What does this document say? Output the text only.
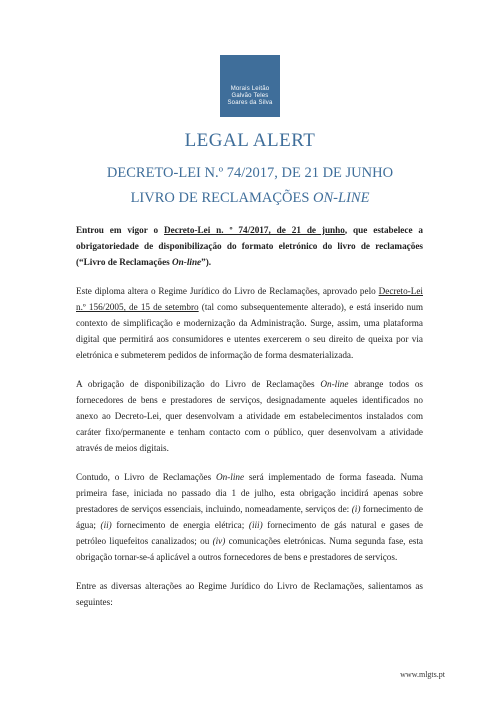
Morais Leitão
Galvão Teles
Soares da Silva
LEGAL ALERT
DECRETO-LEI N.º 74/2017, DE 21 DE JUNHO
LIVRO DE RECLAMAÇÕES ON-LINE

Entrou em vigor o Decreto-Lei n. º 74/2017, de 21 de junho, que estabelece a obrigatoriedade de disponibilização do formato eletrónico do livro de reclamações (“Livro de Reclamações On-line”).

Este diploma altera o Regime Jurídico do Livro de Reclamações, aprovado pelo Decreto-Lei n.º 156/2005, de 15 de setembro (tal como subsequentemente alterado), e está inserido num contexto de simplificação e modernização da Administração. Surge, assim, uma plataforma digital que permitirá aos consumidores e utentes exercerem o seu direito de queixa por via eletrónica e submeterem pedidos de informação de forma desmaterializada.

A obrigação de disponibilização do Livro de Reclamações On-line abrange todos os fornecedores de bens e prestadores de serviços, designadamente aqueles identificados no anexo ao Decreto-Lei, quer desenvolvam a atividade em estabelecimentos instalados com caráter fixo/permanente e tenham contacto com o público, quer desenvolvam a atividade através de meios digitais.

Contudo, o Livro de Reclamações On-line será implementado de forma faseada. Numa primeira fase, iniciada no passado dia 1 de julho, esta obrigação incidirá apenas sobre prestadores de serviços essenciais, incluindo, nomeadamente, serviços de: (i) fornecimento de água; (ii) fornecimento de energia elétrica; (iii) fornecimento de gás natural e gases de petróleo liquefeitos canalizados; ou (iv) comunicações eletrónicas. Numa segunda fase, esta obrigação tornar-se-á aplicável a outros fornecedores de bens e prestadores de serviços.

Entre as diversas alterações ao Regime Jurídico do Livro de Reclamações, salientamos as seguintes:

www.mlgts.pt
